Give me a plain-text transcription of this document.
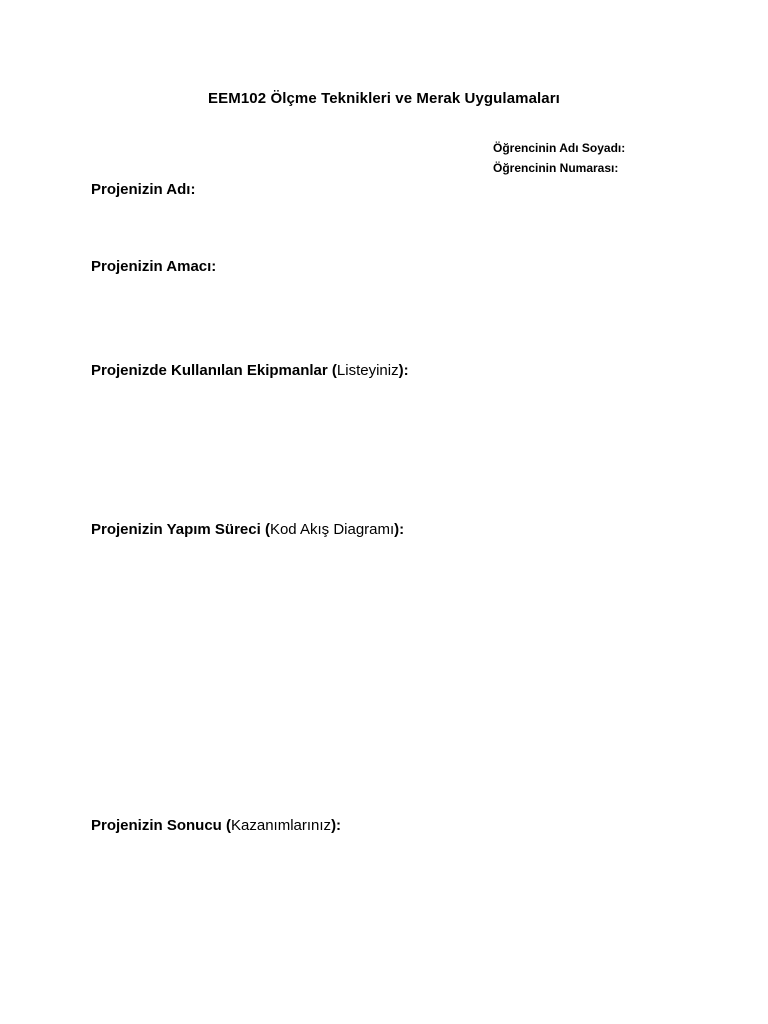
EEM102 Ölçme Teknikleri ve Merak Uygulamaları
Öğrencinin Adı Soyadı:
Öğrencinin Numarası:
Projenizin Adı:
Projenizin Amacı:
Projenizde Kullanılan Ekipmanlar (Listeyiniz):
Projenizin Yapım Süreci (Kod Akış Diagramı):
Projenizin Sonucu (Kazanımlarınız):
